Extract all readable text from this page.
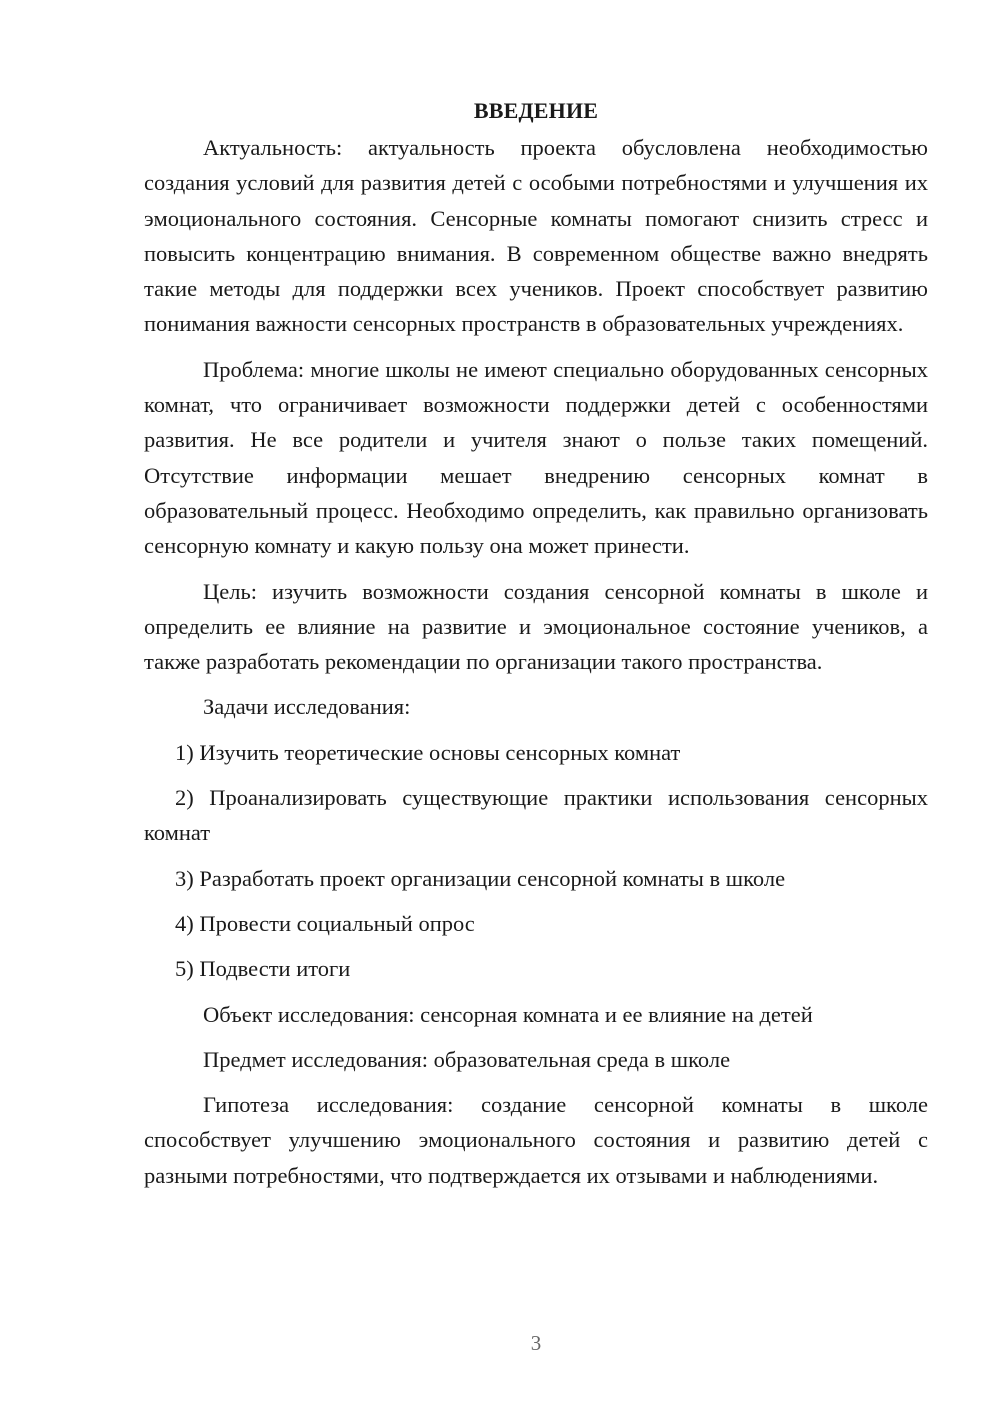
ВВЕДЕНИЕ

Актуальность: актуальность проекта обусловлена необходимостью создания условий для развития детей с особыми потребностями и улучшения их эмоционального состояния. Сенсорные комнаты помогают снизить стресс и повысить концентрацию внимания. В современном обществе важно внедрять такие методы для поддержки всех учеников. Проект способствует развитию понимания важности сенсорных пространств в образовательных учреждениях.

Проблема: многие школы не имеют специально оборудованных сенсорных комнат, что ограничивает возможности поддержки детей с особенностями развития. Не все родители и учителя знают о пользе таких помещений. Отсутствие информации мешает внедрению сенсорных комнат в образовательный процесс. Необходимо определить, как правильно организовать сенсорную комнату и какую пользу она может принести.

Цель: изучить возможности создания сенсорной комнаты в школе и определить ее влияние на развитие и эмоциональное состояние учеников, а также разработать рекомендации по организации такого пространства.

Задачи исследования:

1) Изучить теоретические основы сенсорных комнат

2) Проанализировать существующие практики использования сенсорных комнат

3) Разработать проект организации сенсорной комнаты в школе

4) Провести социальный опрос

5) Подвести итоги

Объект исследования: сенсорная комната и ее влияние на детей

Предмет исследования: образовательная среда в школе

Гипотеза исследования: создание сенсорной комнаты в школе способствует улучшению эмоционального состояния и развитию детей с разными потребностями, что подтверждается их отзывами и наблюдениями.

3
